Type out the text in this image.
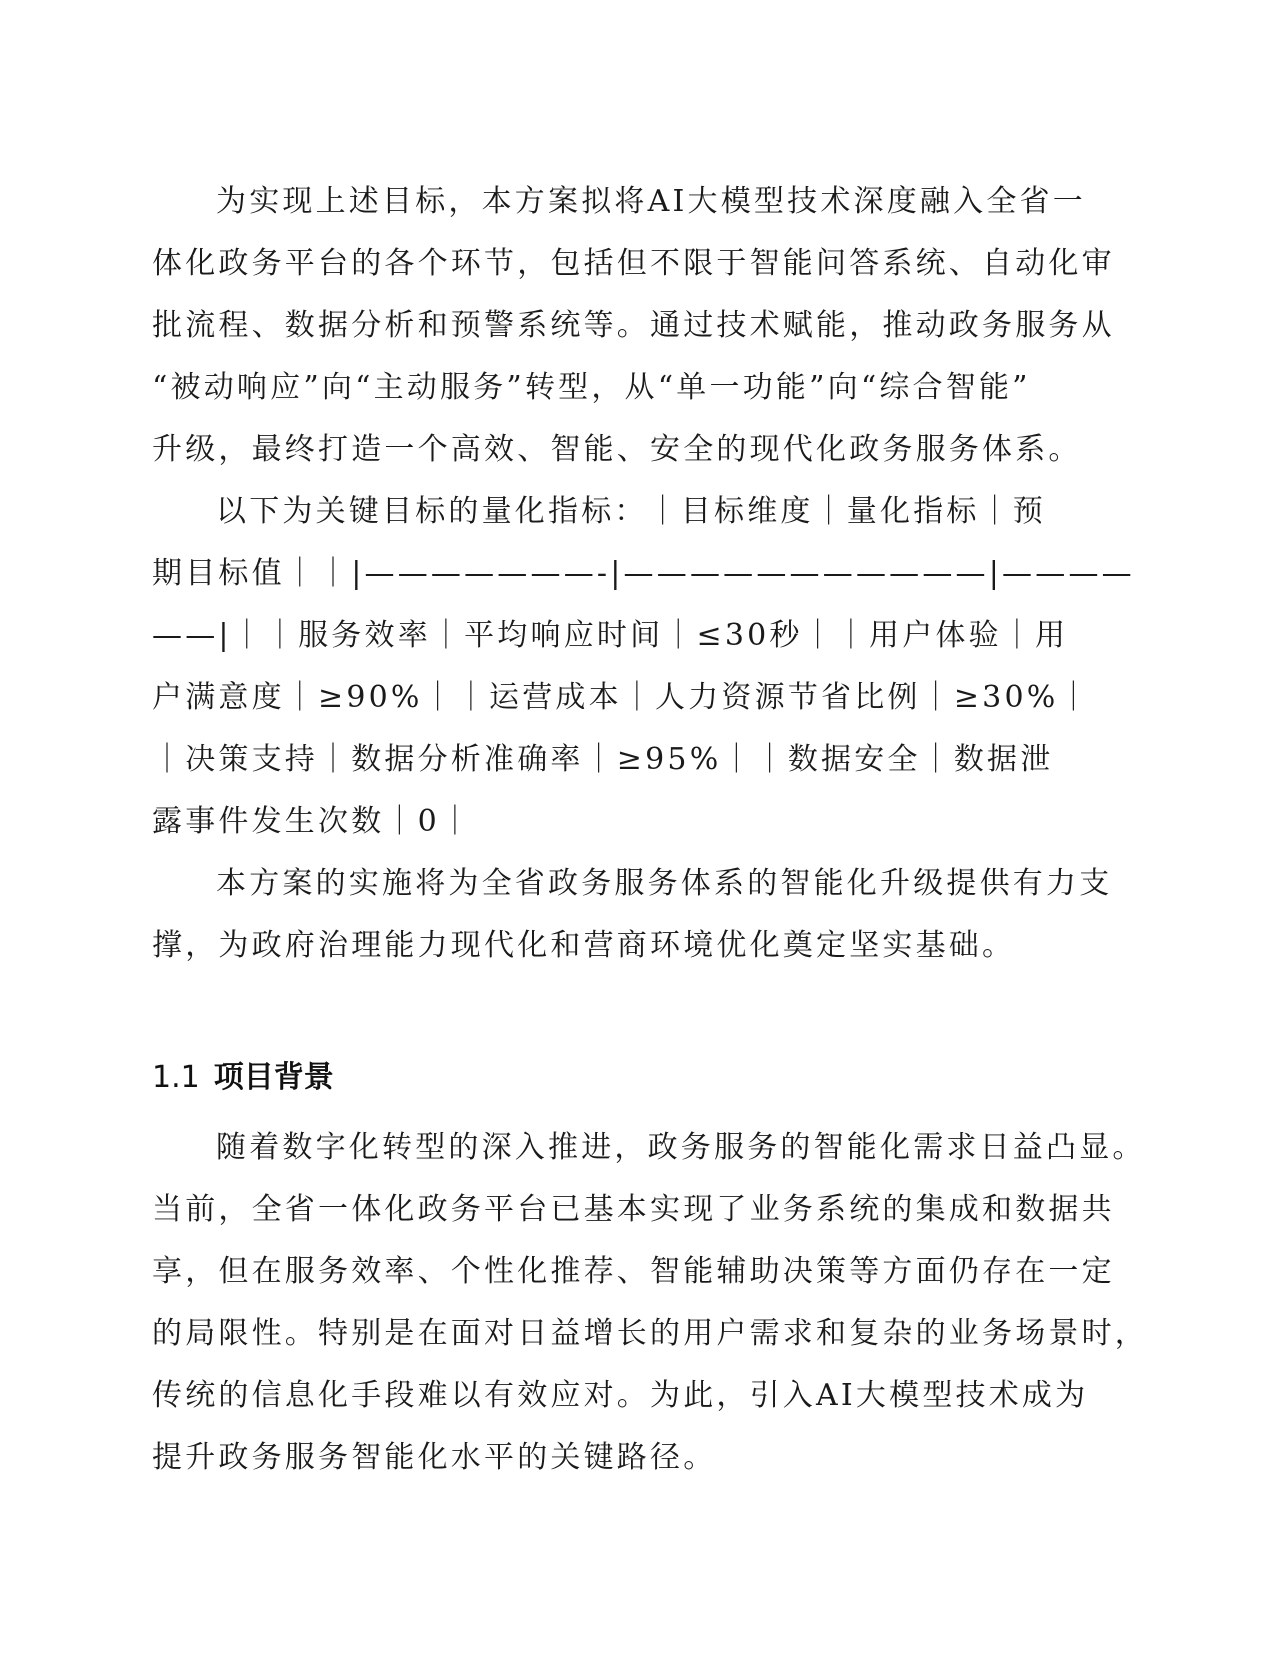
为实现上述目标，本方案拟将AI大模型技术深度融入全省一
体化政务平台的各个环节，包括但不限于智能问答系统、自动化审
批流程、数据分析和预警系统等。通过技术赋能，推动政务服务从
“被动响应”向“主动服务”转型，从“单一功能”向“综合智能”
升级，最终打造一个高效、智能、安全的现代化政务服务体系。
以下为关键目标的量化指标：｜目标维度｜量化指标｜预
期目标值｜｜|———————-|———————————|————
——|｜｜服务效率｜平均响应时间｜≤30秒｜｜用户体验｜用
户满意度｜≥90%｜｜运营成本｜人力资源节省比例｜≥30%｜
｜决策支持｜数据分析准确率｜≥95%｜｜数据安全｜数据泄
露事件发生次数｜0｜
本方案的实施将为全省政务服务体系的智能化升级提供有力支
撑，为政府治理能力现代化和营商环境优化奠定坚实基础。
1.1 项目背景
随着数字化转型的深入推进，政务服务的智能化需求日益凸显。
当前，全省一体化政务平台已基本实现了业务系统的集成和数据共
享，但在服务效率、个性化推荐、智能辅助决策等方面仍存在一定
的局限性。特别是在面对日益增长的用户需求和复杂的业务场景时，
传统的信息化手段难以有效应对。为此，引入AI大模型技术成为
提升政务服务智能化水平的关键路径。
